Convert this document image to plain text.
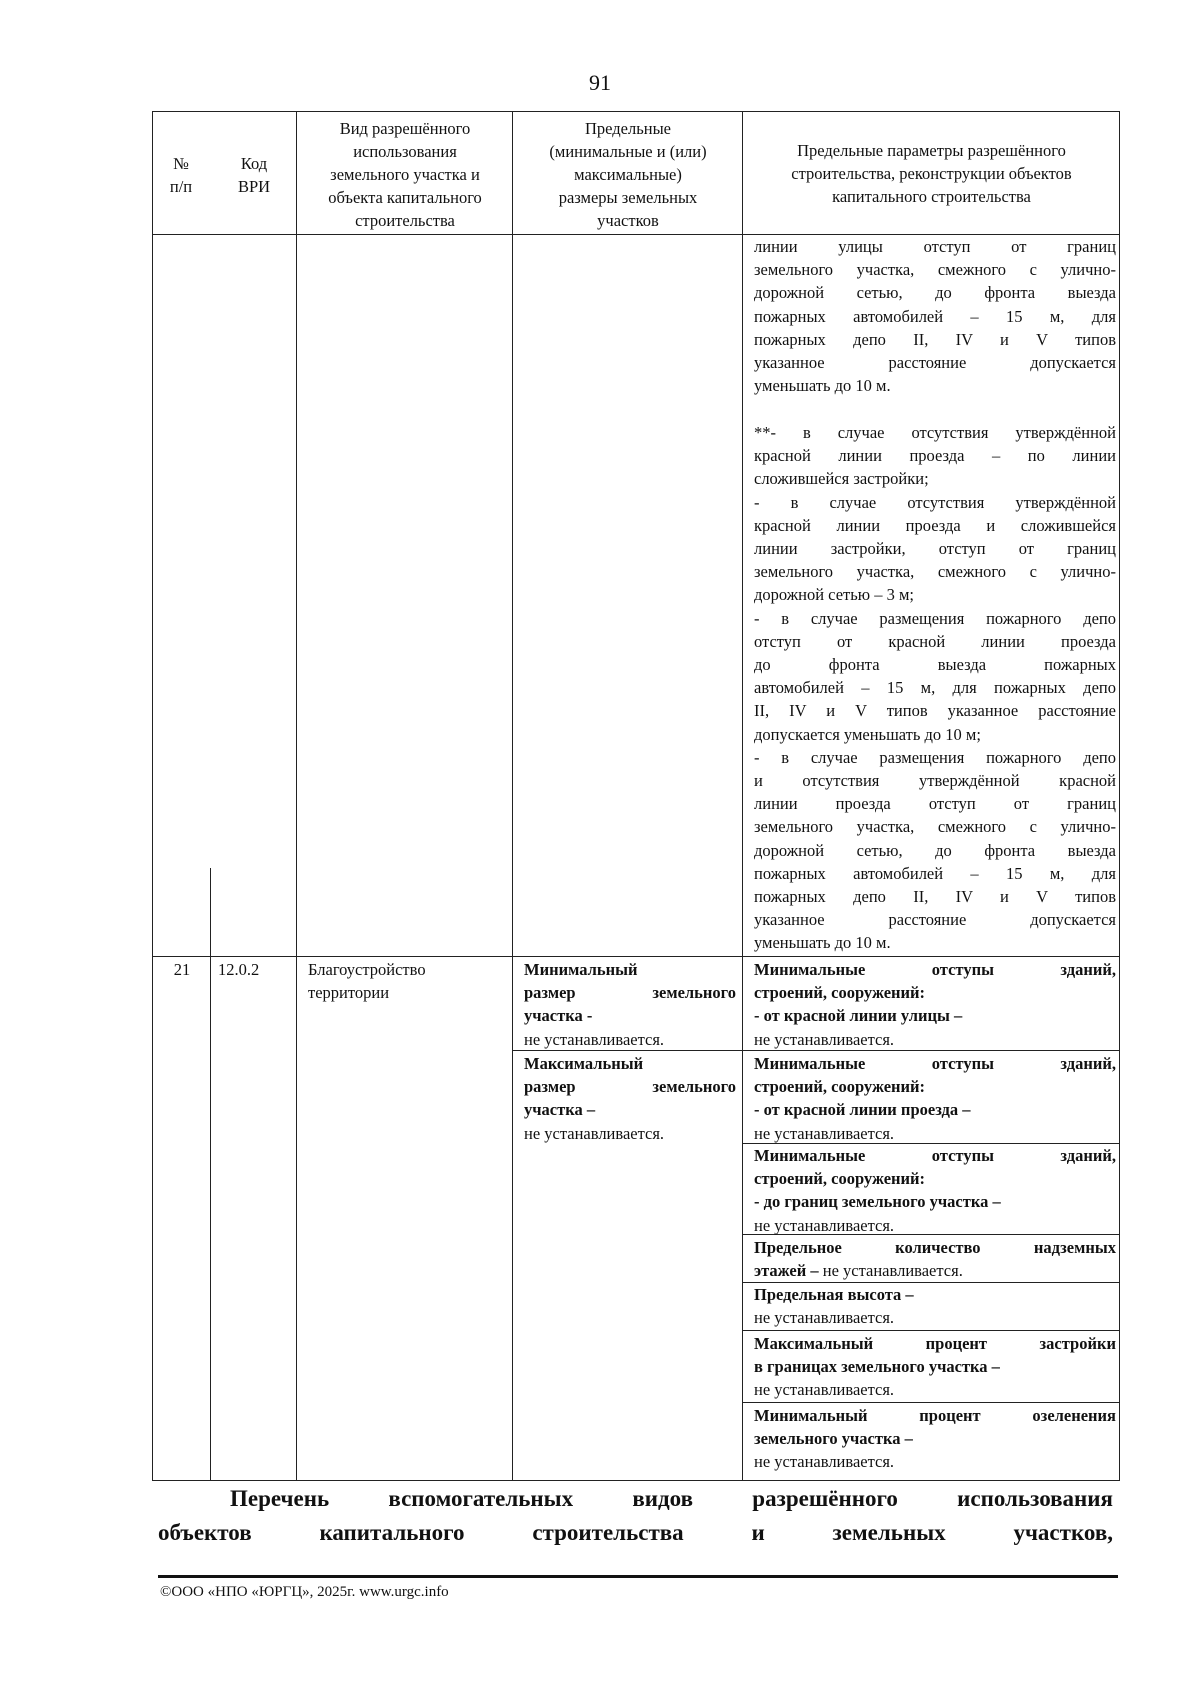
91
№
п/п
Код
ВРИ
Вид разрешённого
использования
земельного участка и
объекта капитального
строительства
Предельные
(минимальные и (или)
максимальные)
размеры земельных
участков
Предельные параметры разрешённого
строительства, реконструкции объектов
капитального строительства
линии улицы отступ от границ
земельного участка, смежного с улично-
дорожной сетью, до фронта выезда
пожарных автомобилей – 15 м, для
пожарных депо II, IV и V типов
указанное расстояние допускается
уменьшать до 10 м.
**- в случае отсутствия утверждённой
красной линии проезда – по линии
сложившейся застройки;
- в случае отсутствия утверждённой
красной линии проезда и сложившейся
линии застройки, отступ от границ
земельного участка, смежного с улично-
дорожной сетью – 3 м;
- в случае размещения пожарного депо
отступ от красной линии проезда
до фронта выезда пожарных
автомобилей – 15 м, для пожарных депо
II, IV и V типов указанное расстояние
допускается уменьшать до 10 м;
- в случае размещения пожарного депо
и отсутствия утверждённой красной
линии проезда отступ от границ
земельного участка, смежного с улично-
дорожной сетью, до фронта выезда
пожарных автомобилей – 15 м, для
пожарных депо II, IV и V типов
указанное расстояние допускается
уменьшать до 10 м.
21	12.0.2	Благоустройство
территории
Минимальный
размер земельного
участка -
не устанавливается.
Максимальный
размер земельного
участка –
не устанавливается.
Минимальные отступы зданий,
строений, сооружений:
- от красной линии улицы –
не устанавливается.
Минимальные отступы зданий,
строений, сооружений:
- от красной линии проезда –
не устанавливается.
Минимальные отступы зданий,
строений, сооружений:
- до границ земельного участка –
не устанавливается.
Предельное количество надземных
этажей – не устанавливается.
Предельная высота –
не устанавливается.
Максимальный процент застройки
в границах земельного участка –
не устанавливается.
Минимальный процент озеленения
земельного участка –
не устанавливается.
Перечень вспомогательных видов разрешённого использования
объектов капитального строительства и земельных участков,
©ООО «НПО «ЮРГЦ», 2025г. www.urgc.info
